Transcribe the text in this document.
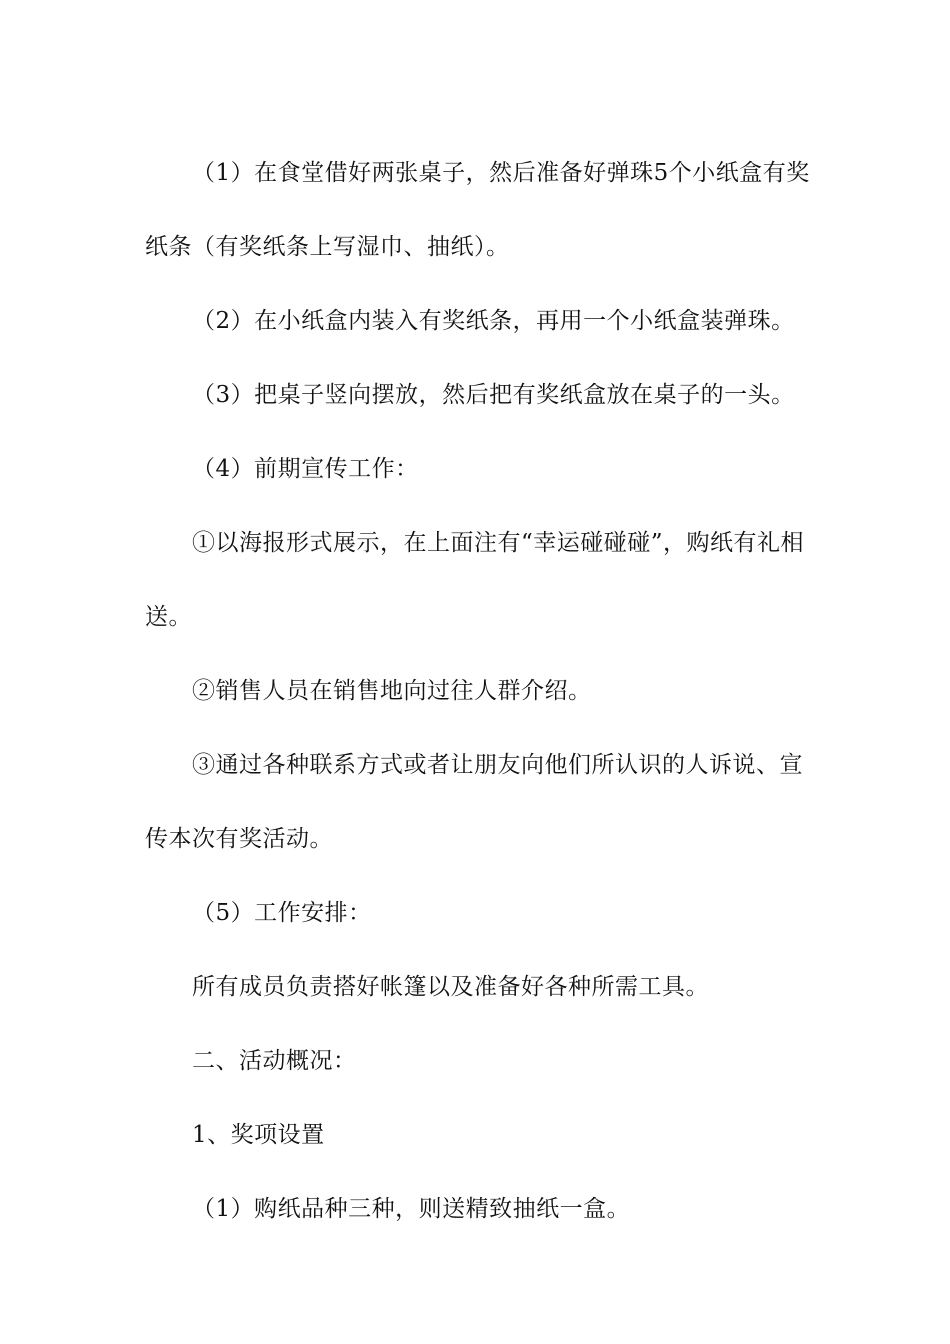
（1）在食堂借好两张桌子，然后准备好弹珠5个小纸盒有奖纸条（有奖纸条上写湿巾、抽纸）。

（2）在小纸盒内装入有奖纸条，再用一个小纸盒装弹珠。

（3）把桌子竖向摆放，然后把有奖纸盒放在桌子的一头。

（4）前期宣传工作：

①以海报形式展示，在上面注有“幸运碰碰碰”，购纸有礼相送。

②销售人员在销售地向过往人群介绍。

③通过各种联系方式或者让朋友向他们所认识的人诉说、宣传本次有奖活动。

（5）工作安排：

所有成员负责搭好帐篷以及准备好各种所需工具。

二、活动概况：

1、奖项设置

（1）购纸品种三种，则送精致抽纸一盒。
